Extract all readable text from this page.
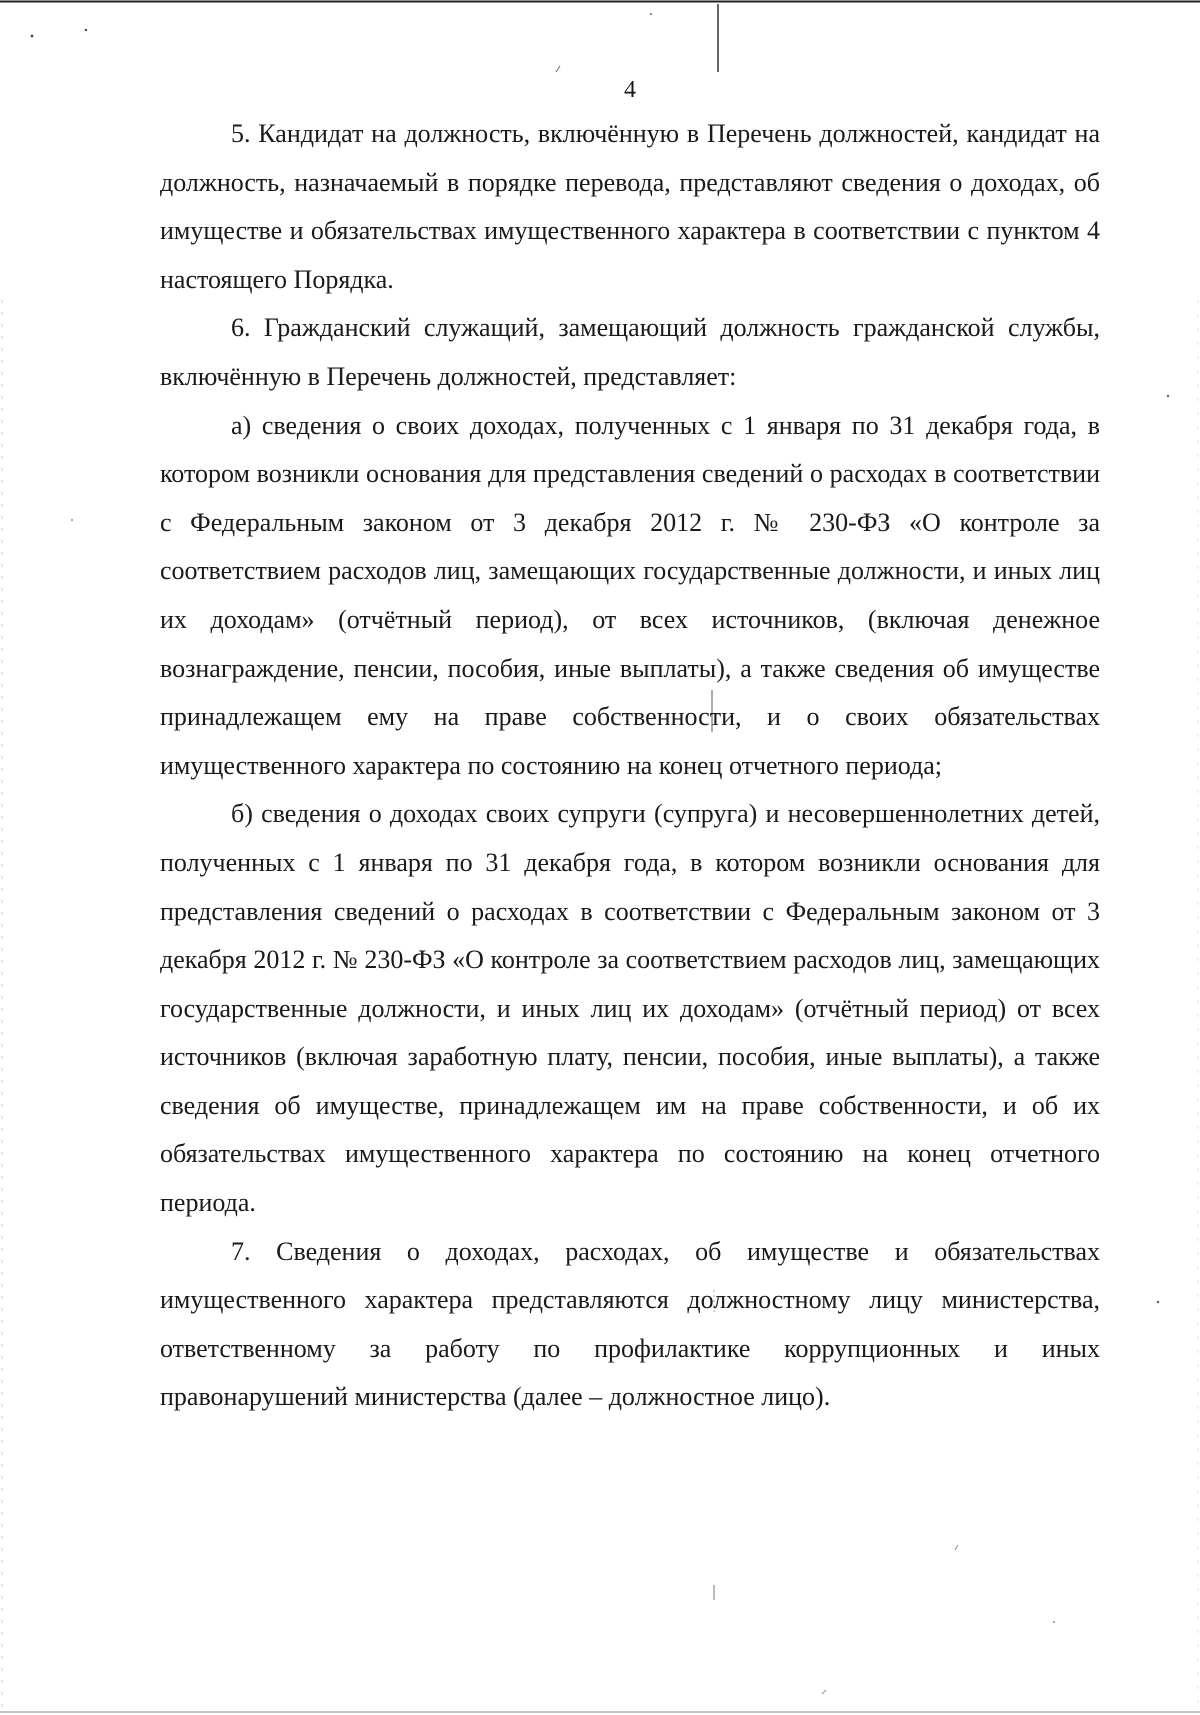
4

5. Кандидат на должность, включённую в Перечень должностей, кандидат на должность, назначаемый в порядке перевода, представляют сведения о доходах, об имуществе и обязательствах имущественного характера в соответствии с пунктом 4 настоящего Порядка.

6. Гражданский служащий, замещающий должность гражданской службы, включённую в Перечень должностей, представляет:

а) сведения о своих доходах, полученных с 1 января по 31 декабря года, в котором возникли основания для представления сведений о расходах в соответствии с Федеральным законом от 3 декабря 2012 г. № 230-ФЗ «О контроле за соответствием расходов лиц, замещающих государственные должности, и иных лиц их доходам» (отчётный период), от всех источников, (включая денежное вознаграждение, пенсии, пособия, иные выплаты), а также сведения об имуществе принадлежащем ему на праве собственности, и о своих обязательствах имущественного характера по состоянию на конец отчетного периода;

б) сведения о доходах своих супруги (супруга) и несовершеннолетних детей, полученных с 1 января по 31 декабря года, в котором возникли основания для представления сведений о расходах в соответствии с Федеральным законом от 3 декабря 2012 г. № 230-ФЗ «О контроле за соответствием расходов лиц, замещающих государственные должности, и иных лиц их доходам» (отчётный период) от всех источников (включая заработную плату, пенсии, пособия, иные выплаты), а также сведения об имуществе, принадлежащем им на праве собственности, и об их обязательствах имущественного характера по состоянию на конец отчетного периода.

7. Сведения о доходах, расходах, об имуществе и обязательствах имущественного характера представляются должностному лицу министерства, ответственному за работу по профилактике коррупционных и иных правонарушений министерства (далее – должностное лицо).
